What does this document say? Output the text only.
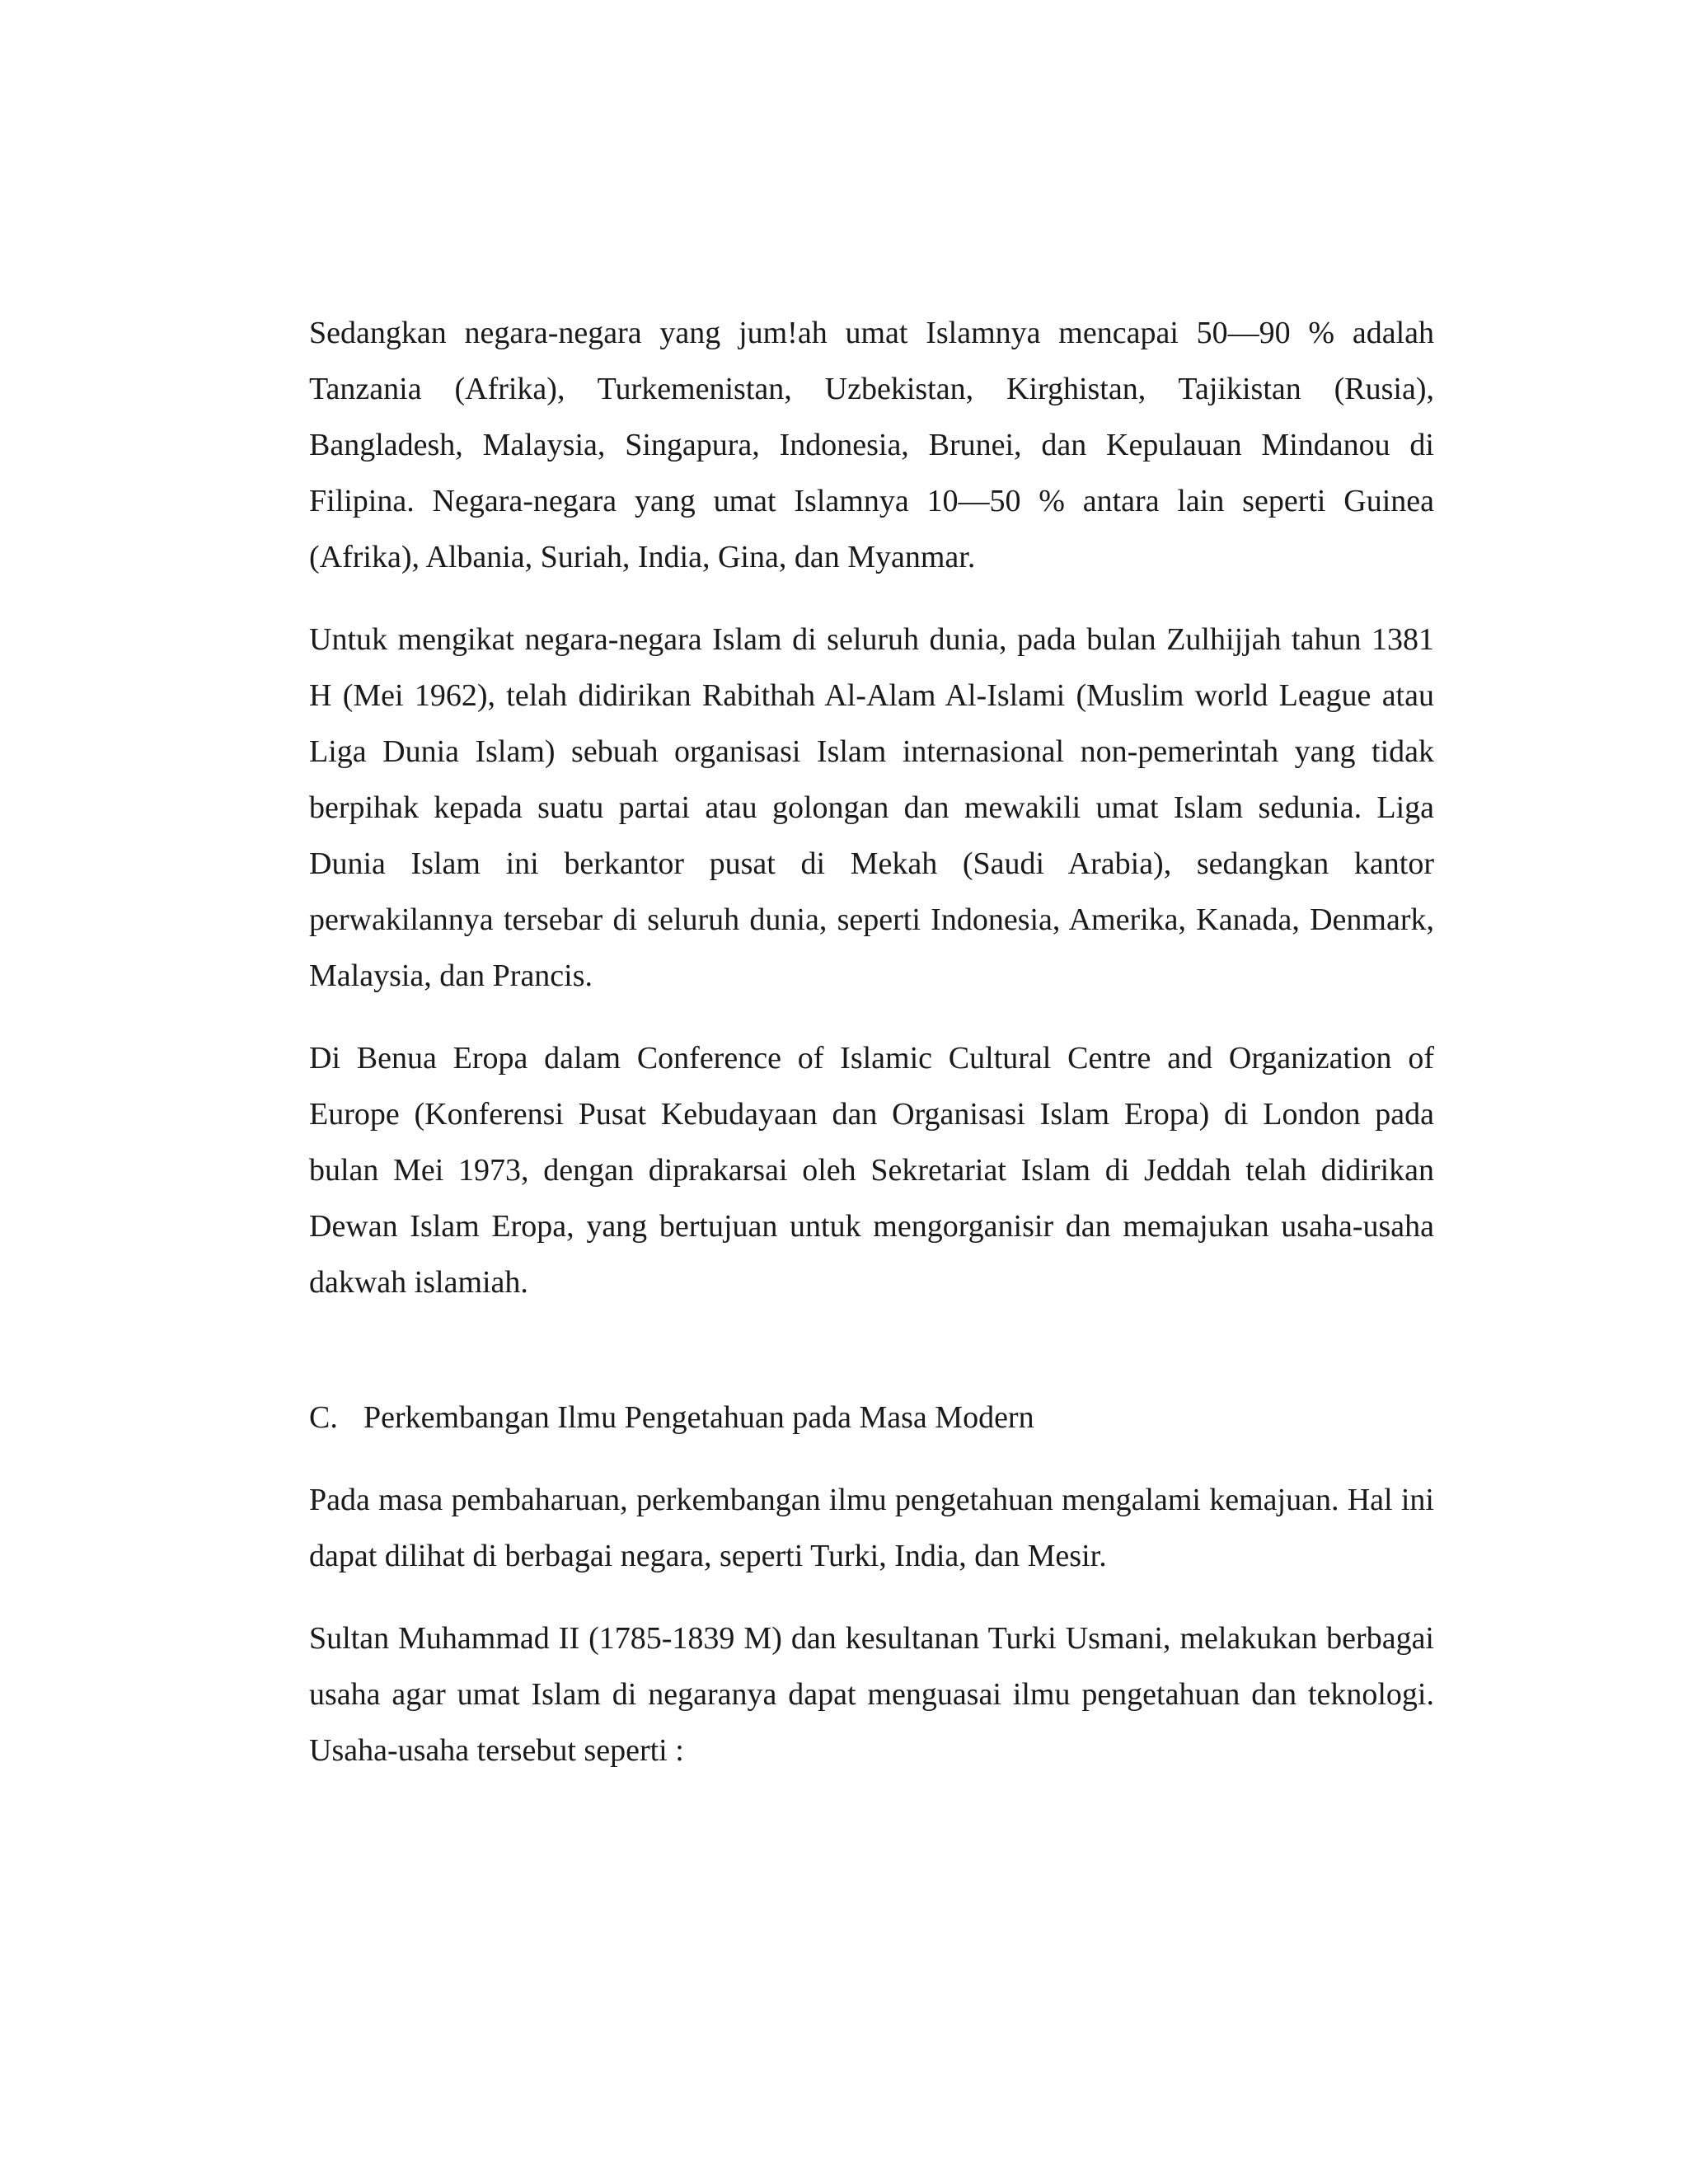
Sedangkan negara-negara yang jum!ah umat Islamnya mencapai 50—90 % adalah Tanzania (Afrika), Turkemenistan, Uzbekistan, Kirghistan, Tajikistan (Rusia), Bangladesh, Malaysia, Singapura, Indonesia, Brunei, dan Kepulauan Mindanou di Filipina. Negara-negara yang umat Islamnya 10—50 % antara lain seperti Guinea (Afrika), Albania, Suriah, India, Gina, dan Myanmar.

Untuk mengikat negara-negara Islam di seluruh dunia, pada bulan Zulhijjah tahun 1381 H (Mei 1962), telah didirikan Rabithah Al-Alam Al-Islami (Muslim world League atau Liga Dunia Islam) sebuah organisasi Islam internasional non-pemerintah yang tidak berpihak kepada suatu partai atau golongan dan mewakili umat Islam sedunia. Liga Dunia Islam ini berkantor pusat di Mekah (Saudi Arabia), sedangkan kantor perwakilannya tersebar di seluruh dunia, seperti Indonesia, Amerika, Kanada, Denmark, Malaysia, dan Prancis.

Di Benua Eropa dalam Conference of Islamic Cultural Centre and Organization of Europe (Konferensi Pusat Kebudayaan dan Organisasi Islam Eropa) di London pada bulan Mei 1973, dengan diprakarsai oleh Sekretariat Islam di Jeddah telah didirikan Dewan Islam Eropa, yang bertujuan untuk mengorganisir dan memajukan usaha-usaha dakwah islamiah.

C. Perkembangan Ilmu Pengetahuan pada Masa Modern

Pada masa pembaharuan, perkembangan ilmu pengetahuan mengalami kemajuan. Hal ini dapat dilihat di berbagai negara, seperti Turki, India, dan Mesir.

Sultan Muhammad II (1785-1839 M) dan kesultanan Turki Usmani, melakukan berbagai usaha agar umat Islam di negaranya dapat menguasai ilmu pengetahuan dan teknologi. Usaha-usaha tersebut seperti :
